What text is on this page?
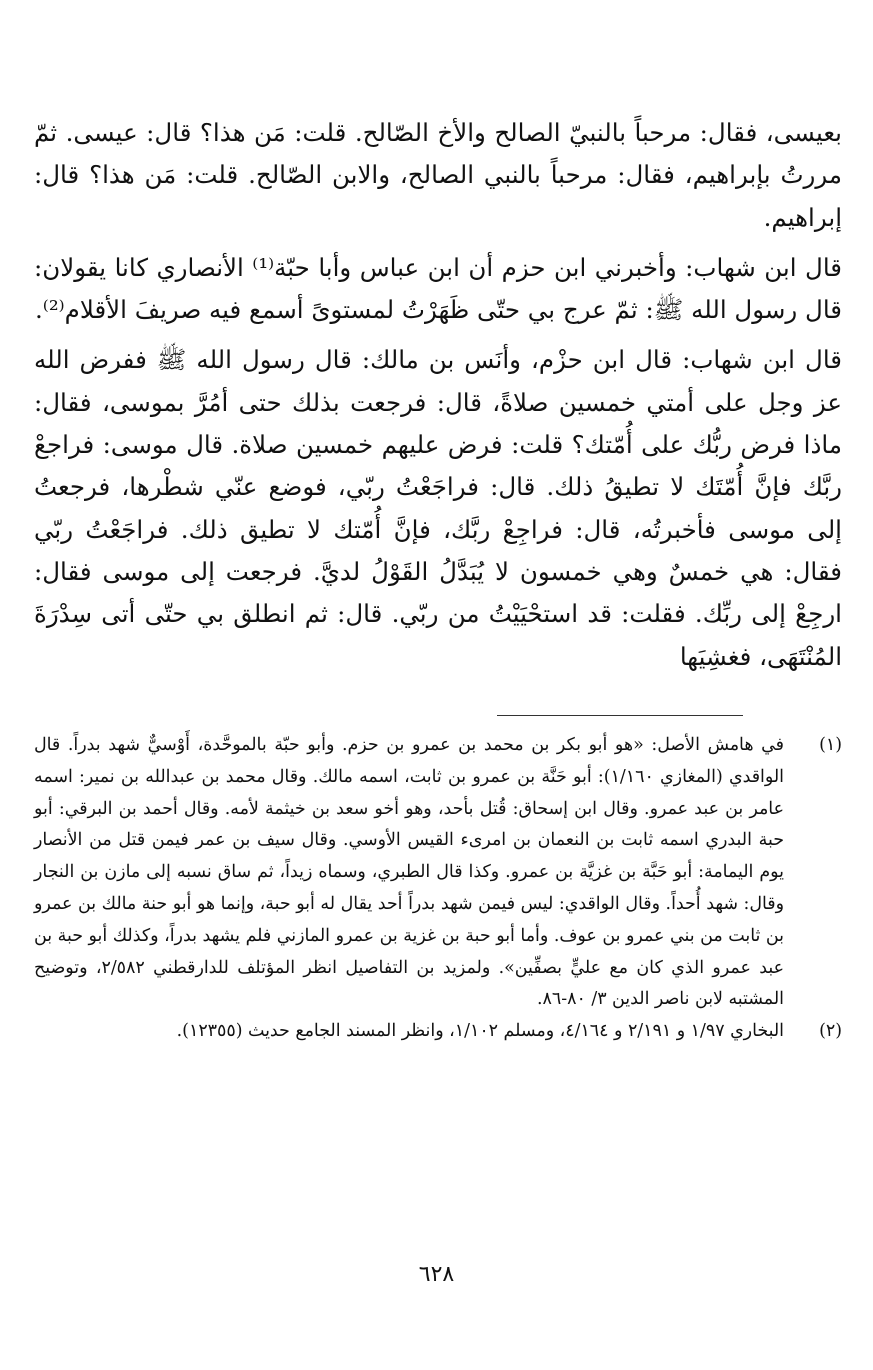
بعيسى، فقال: مرحباً بالنبيّ الصالح والأخ الصّالح. قلت: مَن هذا؟ قال: عيسى. ثمّ مررتُ بإبراهيم، فقال: مرحباً بالنبي الصالح، والابن الصّالح. قلت: مَن هذا؟ قال: إبراهيم.

قال ابن شهاب: وأخبرني ابن حزم أن ابن عباس وأبا حبّة⁽¹⁾ الأنصاري كانا يقولان: قال رسول الله ﷺ: ثمّ عرج بي حتّى ظَهَرْتُ لمستوىً أسمع فيه صريفَ الأقلام⁽²⁾.

قال ابن شهاب: قال ابن حزْم، وأنَس بن مالك: قال رسول الله ﷺ ففرض الله عز وجل على أمتي خمسين صلاةً، قال: فرجعت بذلك حتى أمُرَّ بموسى، فقال: ماذا فرض ربُّك على أُمّتك؟ قلت: فرض عليهم خمسين صلاة. قال موسى: فراجعْ ربَّك فإنَّ أُمّتَك لا تطيقُ ذلك. قال: فراجَعْتُ ربّي، فوضع عنّي شطْرها، فرجعتُ إلى موسى فأخبرتُه، قال: فراجِعْ ربَّك، فإنَّ أُمّتك لا تطيق ذلك. فراجَعْتُ ربّي فقال: هي خمسٌ وهي خمسون لا يُبَدَّلُ القَوْلُ لديَّ. فرجعت إلى موسى فقال: ارجِعْ إلى ربِّك. فقلت: قد استحْيَيْتُ من ربّي. قال: ثم انطلق بي حتّى أتى سِدْرَةَ المُنْتَهَى، فغشِيَها

(١)
في هامش الأصل: «هو أبو بكر بن محمد بن عمرو بن حزم. وأبو حبّة بالموحَّدة، أَوْسيٌّ شهد بدراً. قال الواقدي (المغازي ١/١٦٠): أبو حَنَّة بن عمرو بن ثابت، اسمه مالك. وقال محمد بن عبدالله بن نمير: اسمه عامر بن عبد عمرو. وقال ابن إسحاق: قُتل بأحد، وهو أخو سعد بن خيثمة لأمه. وقال أحمد بن البرقي: أبو حبة البدري اسمه ثابت بن النعمان بن امرىء القيس الأوسي. وقال سيف بن عمر فيمن قتل من الأنصار يوم اليمامة: أبو حَبَّة بن غزيَّة بن عمرو. وكذا قال الطبري، وسماه زيداً، ثم ساق نسبه إلى مازن بن النجار وقال: شهد أُحداً. وقال الواقدي: ليس فيمن شهد بدراً أحد يقال له أبو حبة، وإنما هو أبو حنة مالك بن عمرو بن ثابت من بني عمرو بن عوف. وأما أبو حبة بن غزية بن عمرو المازني فلم يشهد بدراً، وكذلك أبو حبة بن عبد عمرو الذي كان مع عليٍّ بصفِّين». ولمزيد بن التفاصيل انظر المؤتلف للدارقطني ٢/٥٨٢، وتوضيح المشتبه لابن ناصر الدين ٣/ ٨٠-٨٦.
(٢)
البخاري ١/٩٧ و ٢/١٩١ و ٤/١٦٤، ومسلم ١/١٠٢، وانظر المسند الجامع حديث (١٢٣٥٥).
٦٢٨
